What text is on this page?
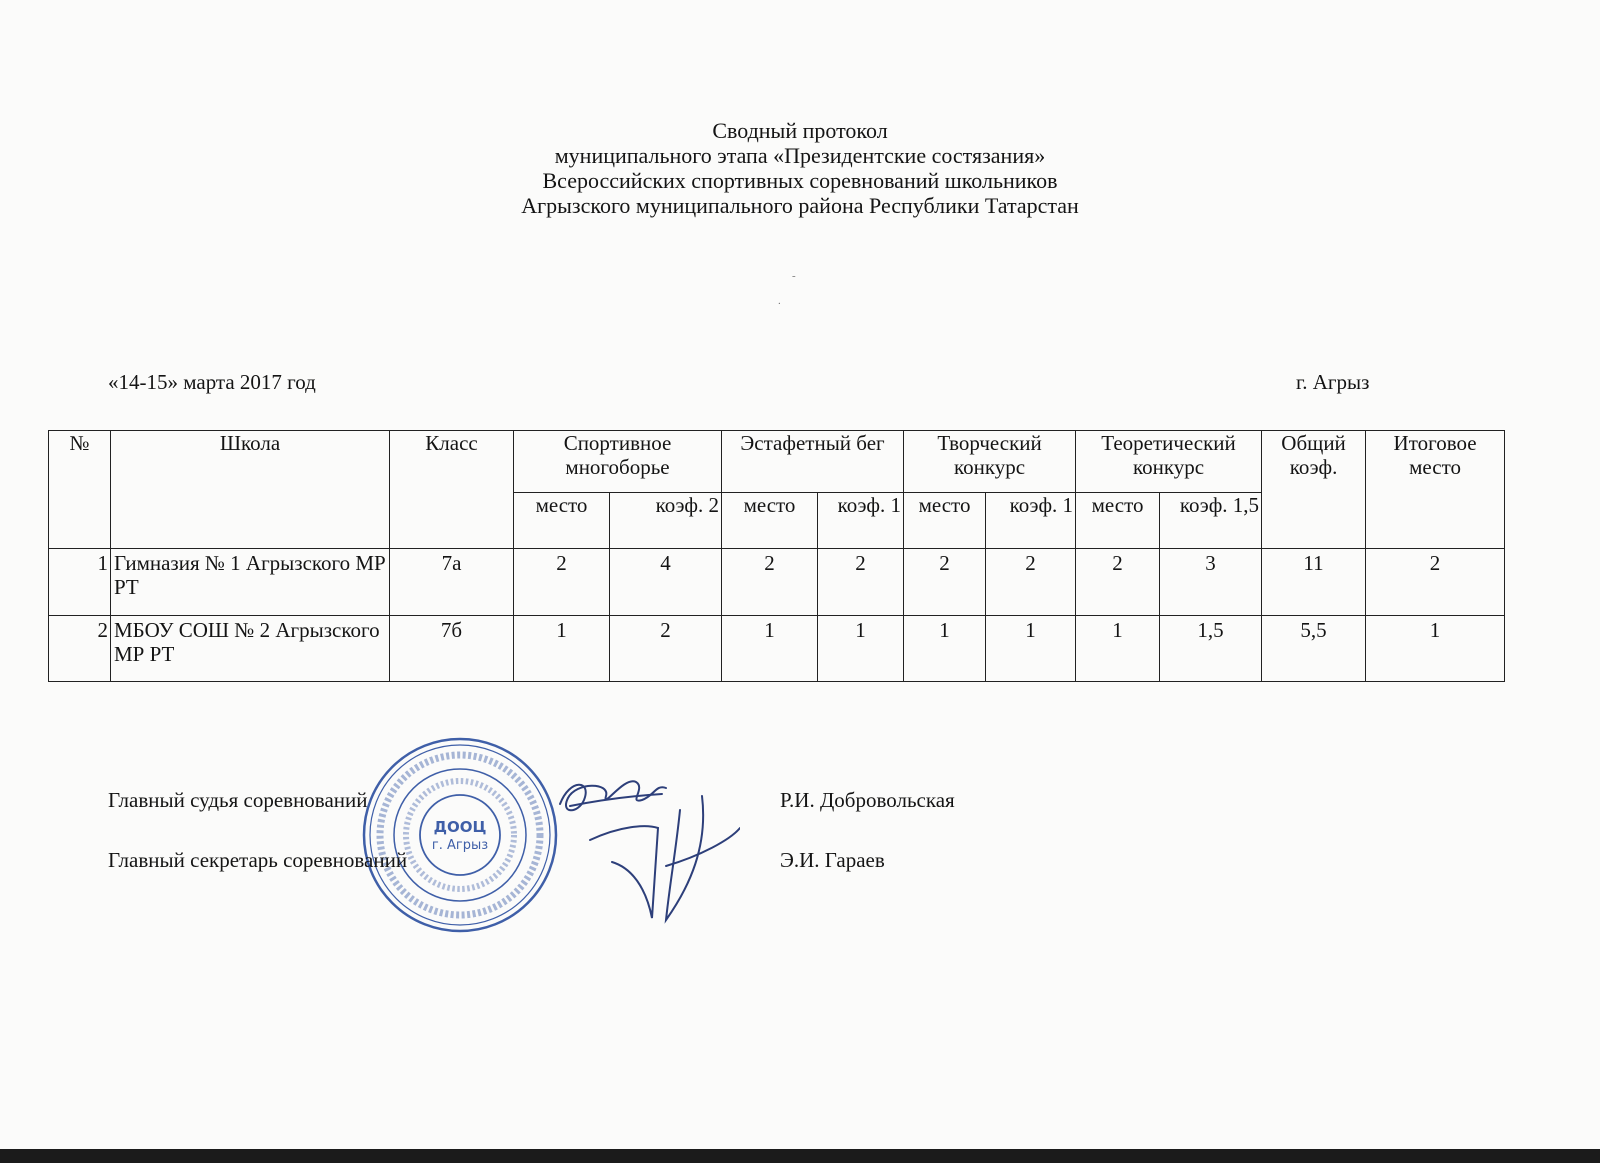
Сводный протокол
муниципального этапа «Президентские состязания»
Всероссийских спортивных соревнований школьников
Агрызского муниципального района Республики Татарстан
-
∙
«14-15» марта 2017 год	г. Агрыз
№	Школа	Класс	Спортивное многоборье		Эстафетный бег		Творческий конкурс		Теоретический конкурс		Общий коэф.	Итоговое место
			место	коэф. 2	место	коэф. 1	место	коэф. 1	место	коэф. 1,5		
1	Гимназия № 1 Агрызского МР РТ	7а	2	4	2	2	2	2	2	3	11	2
2	МБОУ СОШ № 2 Агрызского МР РТ	7б	1	2	1	1	1	1	1	1,5	5,5	1
ДООЦ
г. Агрыз
Главный судья соревнований	Р.И. Добровольская
Главный секретарь соревнований	Э.И. Гараев
